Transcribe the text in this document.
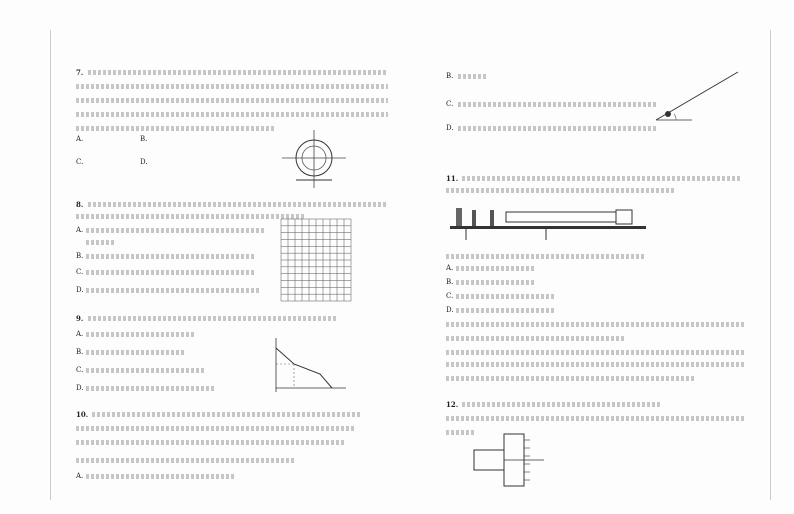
7.
A.	B.
C.	D.
8.
A.
B.
C.
D.
9.
A.
B.
C.
D.
10.
A.
B.
C.
D.
11.
A.
B.
C.
D.
12.
